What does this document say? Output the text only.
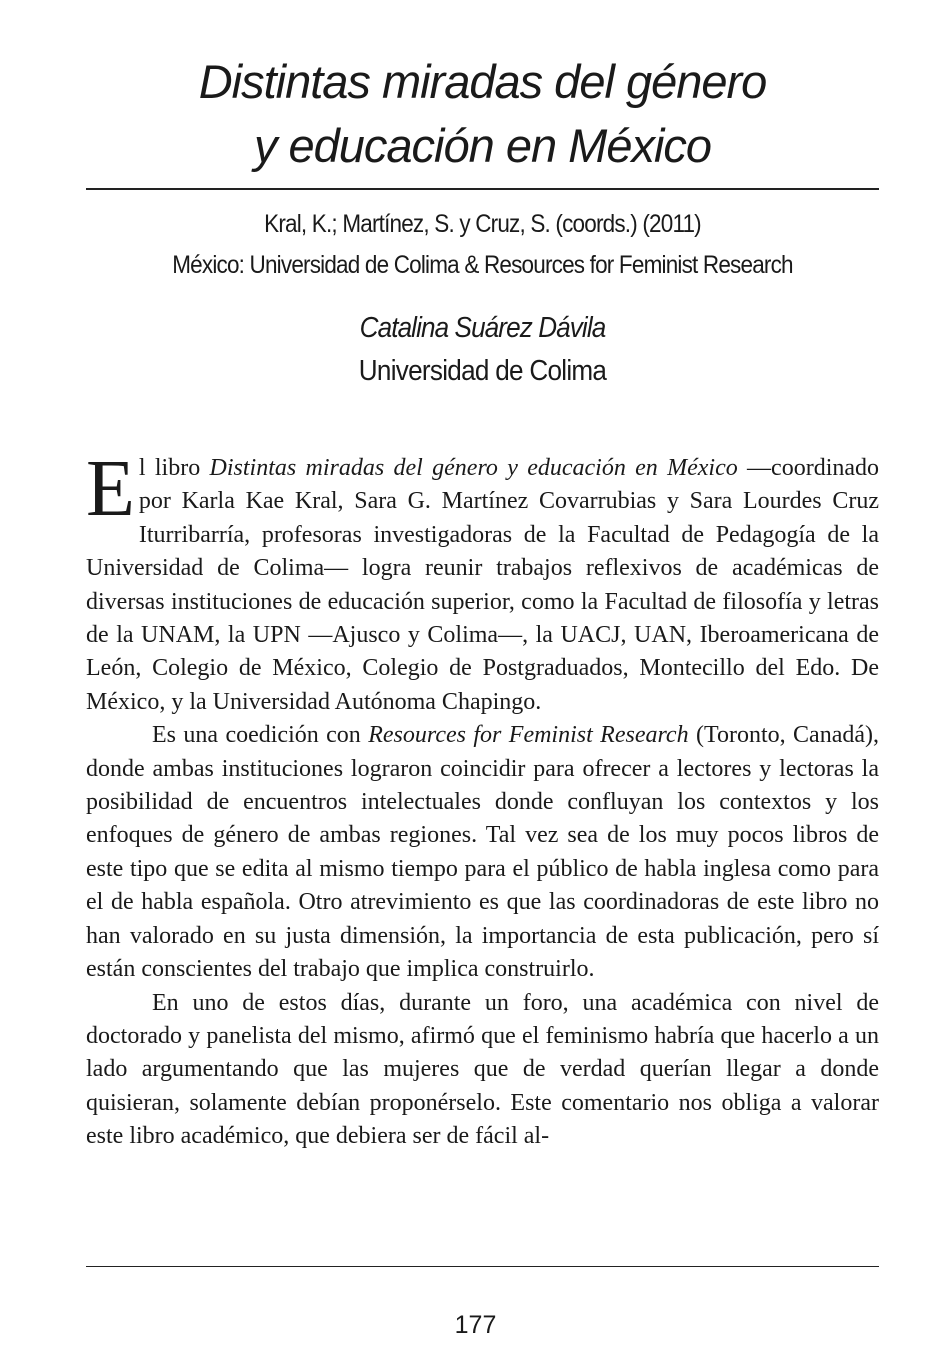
Distintas miradas del género
y educación en México
Kral, K.; Martínez, S. y Cruz, S. (coords.) (2011)
México: Universidad de Colima & Resources for Feminist Research
Catalina Suárez Dávila
Universidad de Colima

El libro Distintas miradas del género y educación en México —coordinado por Karla Kae Kral, Sara G. Martínez Covarrubias y Sara Lourdes Cruz Iturribarría, profesoras investigadoras de la Facultad de Pedagogía de la Universidad de Colima— logra reunir trabajos reflexivos de académicas de diversas instituciones de educación superior, como la Facultad de filosofía y letras de la UNAM, la UPN —Ajusco y Colima—, la UACJ, UAN, Iberoamericana de León, Colegio de México, Colegio de Postgraduados, Montecillo del Edo. De México, y la Universidad Autónoma Chapingo.

Es una coedición con Resources for Feminist Research (Toronto, Canadá), donde ambas instituciones lograron coincidir para ofrecer a lectores y lectoras la posibilidad de encuentros intelectuales donde confluyan los contextos y los enfoques de género de ambas regiones. Tal vez sea de los muy pocos libros de este tipo que se edita al mismo tiempo para el público de habla inglesa como para el de habla española. Otro atrevimiento es que las coordinadoras de este libro no han valorado en su justa dimensión, la importancia de esta publicación, pero sí están conscientes del trabajo que implica construirlo.

En uno de estos días, durante un foro, una académica con nivel de doctorado y panelista del mismo, afirmó que el feminismo habría que hacerlo a un lado argumentando que las mujeres que de verdad querían llegar a donde quisieran, solamente debían proponérselo. Este comentario nos obliga a valorar este libro académico, que debiera ser de fácil al-

177
